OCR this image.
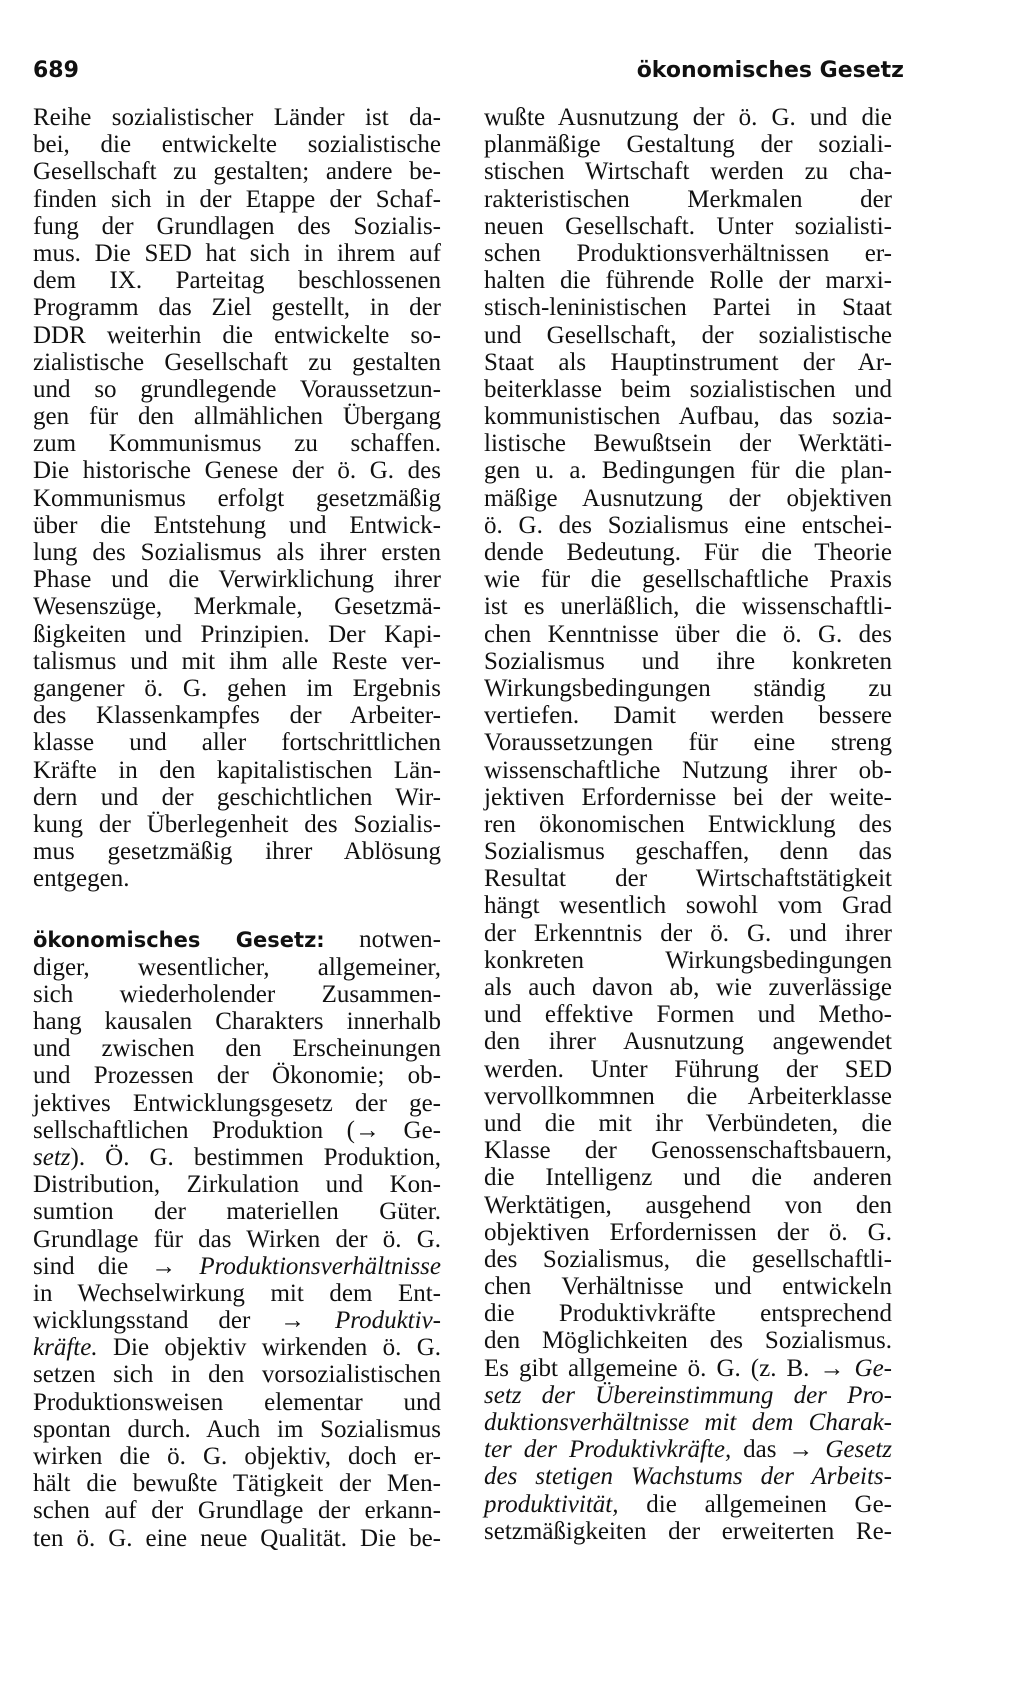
689	ökonomisches Gesetz
Reihe sozialistischer Länder ist da-
bei, die entwickelte sozialistische
Gesellschaft zu gestalten; andere be-
finden sich in der Etappe der Schaf-
fung der Grundlagen des Sozialis-
mus. Die SED hat sich in ihrem auf
dem IX. Parteitag beschlossenen
Programm das Ziel gestellt, in der
DDR weiterhin die entwickelte so-
zialistische Gesellschaft zu gestalten
und so grundlegende Voraussetzun-
gen für den allmählichen Übergang
zum Kommunismus zu schaffen.
Die historische Genese der ö. G. des
Kommunismus erfolgt gesetzmäßig
über die Entstehung und Entwick-
lung des Sozialismus als ihrer ersten
Phase und die Verwirklichung ihrer
Wesenszüge, Merkmale, Gesetzmä-
ßigkeiten und Prinzipien. Der Kapi-
talismus und mit ihm alle Reste ver-
gangener ö. G. gehen im Ergebnis
des Klassenkampfes der Arbeiter-
klasse und aller fortschrittlichen
Kräfte in den kapitalistischen Län-
dern und der geschichtlichen Wir-
kung der Überlegenheit des Sozialis-
mus gesetzmäßig ihrer Ablösung
entgegen.
ökonomisches Gesetz: notwen-
diger, wesentlicher, allgemeiner,
sich wiederholender Zusammen-
hang kausalen Charakters innerhalb
und zwischen den Erscheinungen
und Prozessen der Ökonomie; ob-
jektives Entwicklungsgesetz der ge-
sellschaftlichen Produktion (→ Ge-
setz). Ö. G. bestimmen Produktion,
Distribution, Zirkulation und Kon-
sumtion der materiellen Güter.
Grundlage für das Wirken der ö. G.
sind die → Produktionsverhältnisse
in Wechselwirkung mit dem Ent-
wicklungsstand der → Produktiv-
kräfte. Die objektiv wirkenden ö. G.
setzen sich in den vorsozialistischen
Produktionsweisen elementar und
spontan durch. Auch im Sozialismus
wirken die ö. G. objektiv, doch er-
hält die bewußte Tätigkeit der Men-
schen auf der Grundlage der erkann-
ten ö. G. eine neue Qualität. Die be-
wußte Ausnutzung der ö. G. und die
planmäßige Gestaltung der soziali-
stischen Wirtschaft werden zu cha-
rakteristischen Merkmalen der
neuen Gesellschaft. Unter sozialisti-
schen Produktionsverhältnissen er-
halten die führende Rolle der marxi-
stisch-leninistischen Partei in Staat
und Gesellschaft, der sozialistische
Staat als Hauptinstrument der Ar-
beiterklasse beim sozialistischen und
kommunistischen Aufbau, das sozia-
listische Bewußtsein der Werktäti-
gen u. a. Bedingungen für die plan-
mäßige Ausnutzung der objektiven
ö. G. des Sozialismus eine entschei-
dende Bedeutung. Für die Theorie
wie für die gesellschaftliche Praxis
ist es unerläßlich, die wissenschaftli-
chen Kenntnisse über die ö. G. des
Sozialismus und ihre konkreten
Wirkungsbedingungen ständig zu
vertiefen. Damit werden bessere
Voraussetzungen für eine streng
wissenschaftliche Nutzung ihrer ob-
jektiven Erfordernisse bei der weite-
ren ökonomischen Entwicklung des
Sozialismus geschaffen, denn das
Resultat der Wirtschaftstätigkeit
hängt wesentlich sowohl vom Grad
der Erkenntnis der ö. G. und ihrer
konkreten Wirkungsbedingungen
als auch davon ab, wie zuverlässige
und effektive Formen und Metho-
den ihrer Ausnutzung angewendet
werden. Unter Führung der SED
vervollkommnen die Arbeiterklasse
und die mit ihr Verbündeten, die
Klasse der Genossenschaftsbauern,
die Intelligenz und die anderen
Werktätigen, ausgehend von den
objektiven Erfordernissen der ö. G.
des Sozialismus, die gesellschaftli-
chen Verhältnisse und entwickeln
die Produktivkräfte entsprechend
den Möglichkeiten des Sozialismus.
Es gibt allgemeine ö. G. (z. B. → Ge-
setz der Übereinstimmung der Pro-
duktionsverhältnisse mit dem Charak-
ter der Produktivkräfte, das → Gesetz
des stetigen Wachstums der Arbeits-
produktivität, die allgemeinen Ge-
setzmäßigkeiten der erweiterten Re-
